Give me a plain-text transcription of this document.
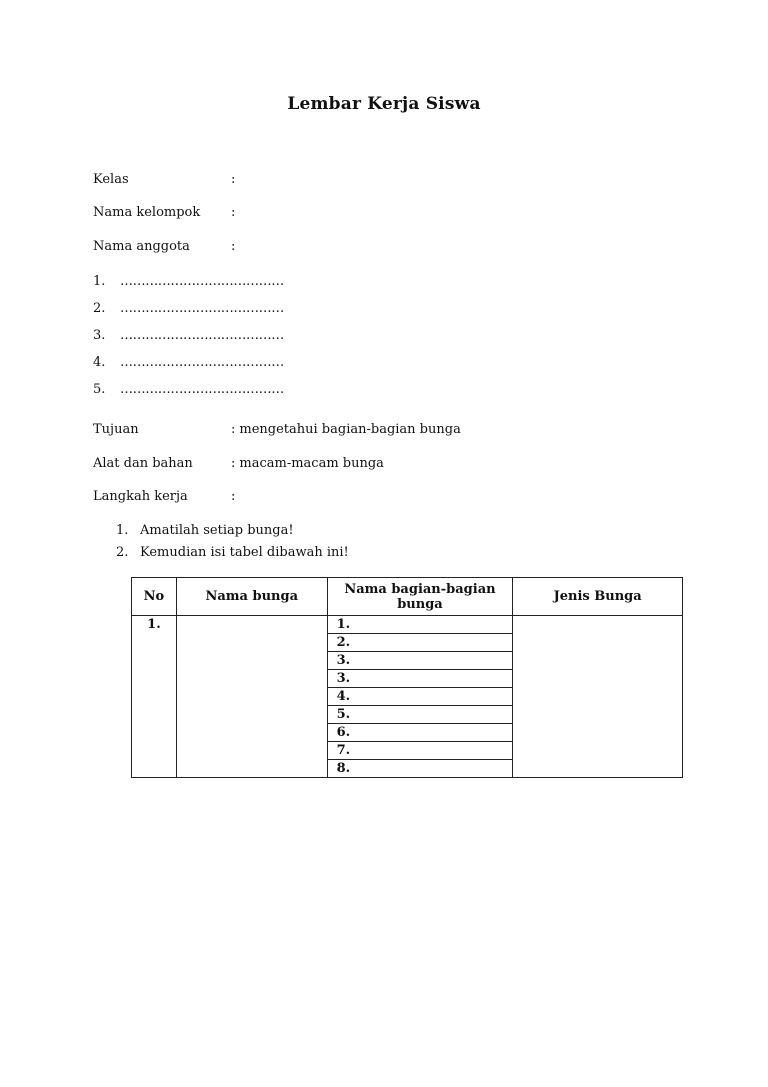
Lembar Kerja Siswa
Kelas	:
Nama kelompok :
Nama anggota	:
1. …………………………………
2. …………………………………
3. …………………………………
4. …………………………………
5. …………………………………
Tujuan	: mengetahui bagian-bagian bunga
Alat dan bahan	: macam-macam bunga
Langkah kerja	:
1. Amatilah setiap bunga!
2. Kemudian isi tabel dibawah ini!
No	Nama bunga	Nama bagian-bagian bunga	Jenis Bunga
1.		1.	
		2.	
		3.	
		3.	
		4.	
		5.	
		6.	
		7.	
		8.	
